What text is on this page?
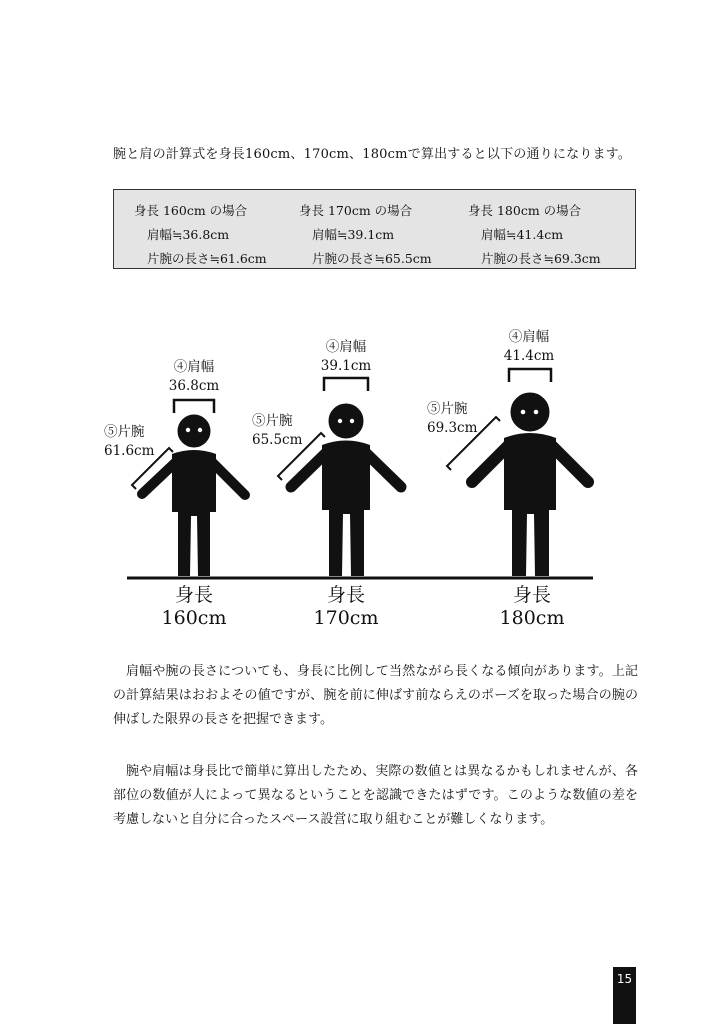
腕と肩の計算式を身長160cm、170cm、180cmで算出すると以下の通りになります。
身長 160cm の場合
肩幅≒36.8cm
片腕の長さ≒61.6cm
身長 170cm の場合
肩幅≒39.1cm
片腕の長さ≒65.5cm
身長 180cm の場合
肩幅≒41.4cm
片腕の長さ≒69.3cm
④肩幅
36.8cm
⑤片腕
61.6cm
④肩幅
39.1cm
⑤片腕
65.5cm
④肩幅
41.4cm
⑤片腕
69.3cm
身長
160cm
身長
170cm
身長
180cm
肩幅や腕の長さについても、身長に比例して当然ながら長くなる傾向があります。上記の計算結果はおおよその値ですが、腕を前に伸ばす前ならえのポーズを取った場合の腕の伸ばした限界の長さを把握できます。
腕や肩幅は身長比で簡単に算出したため、実際の数値とは異なるかもしれませんが、各部位の数値が人によって異なるということを認識できたはずです。このような数値の差を考慮しないと自分に合ったスペース設営に取り組むことが難しくなります。
15
